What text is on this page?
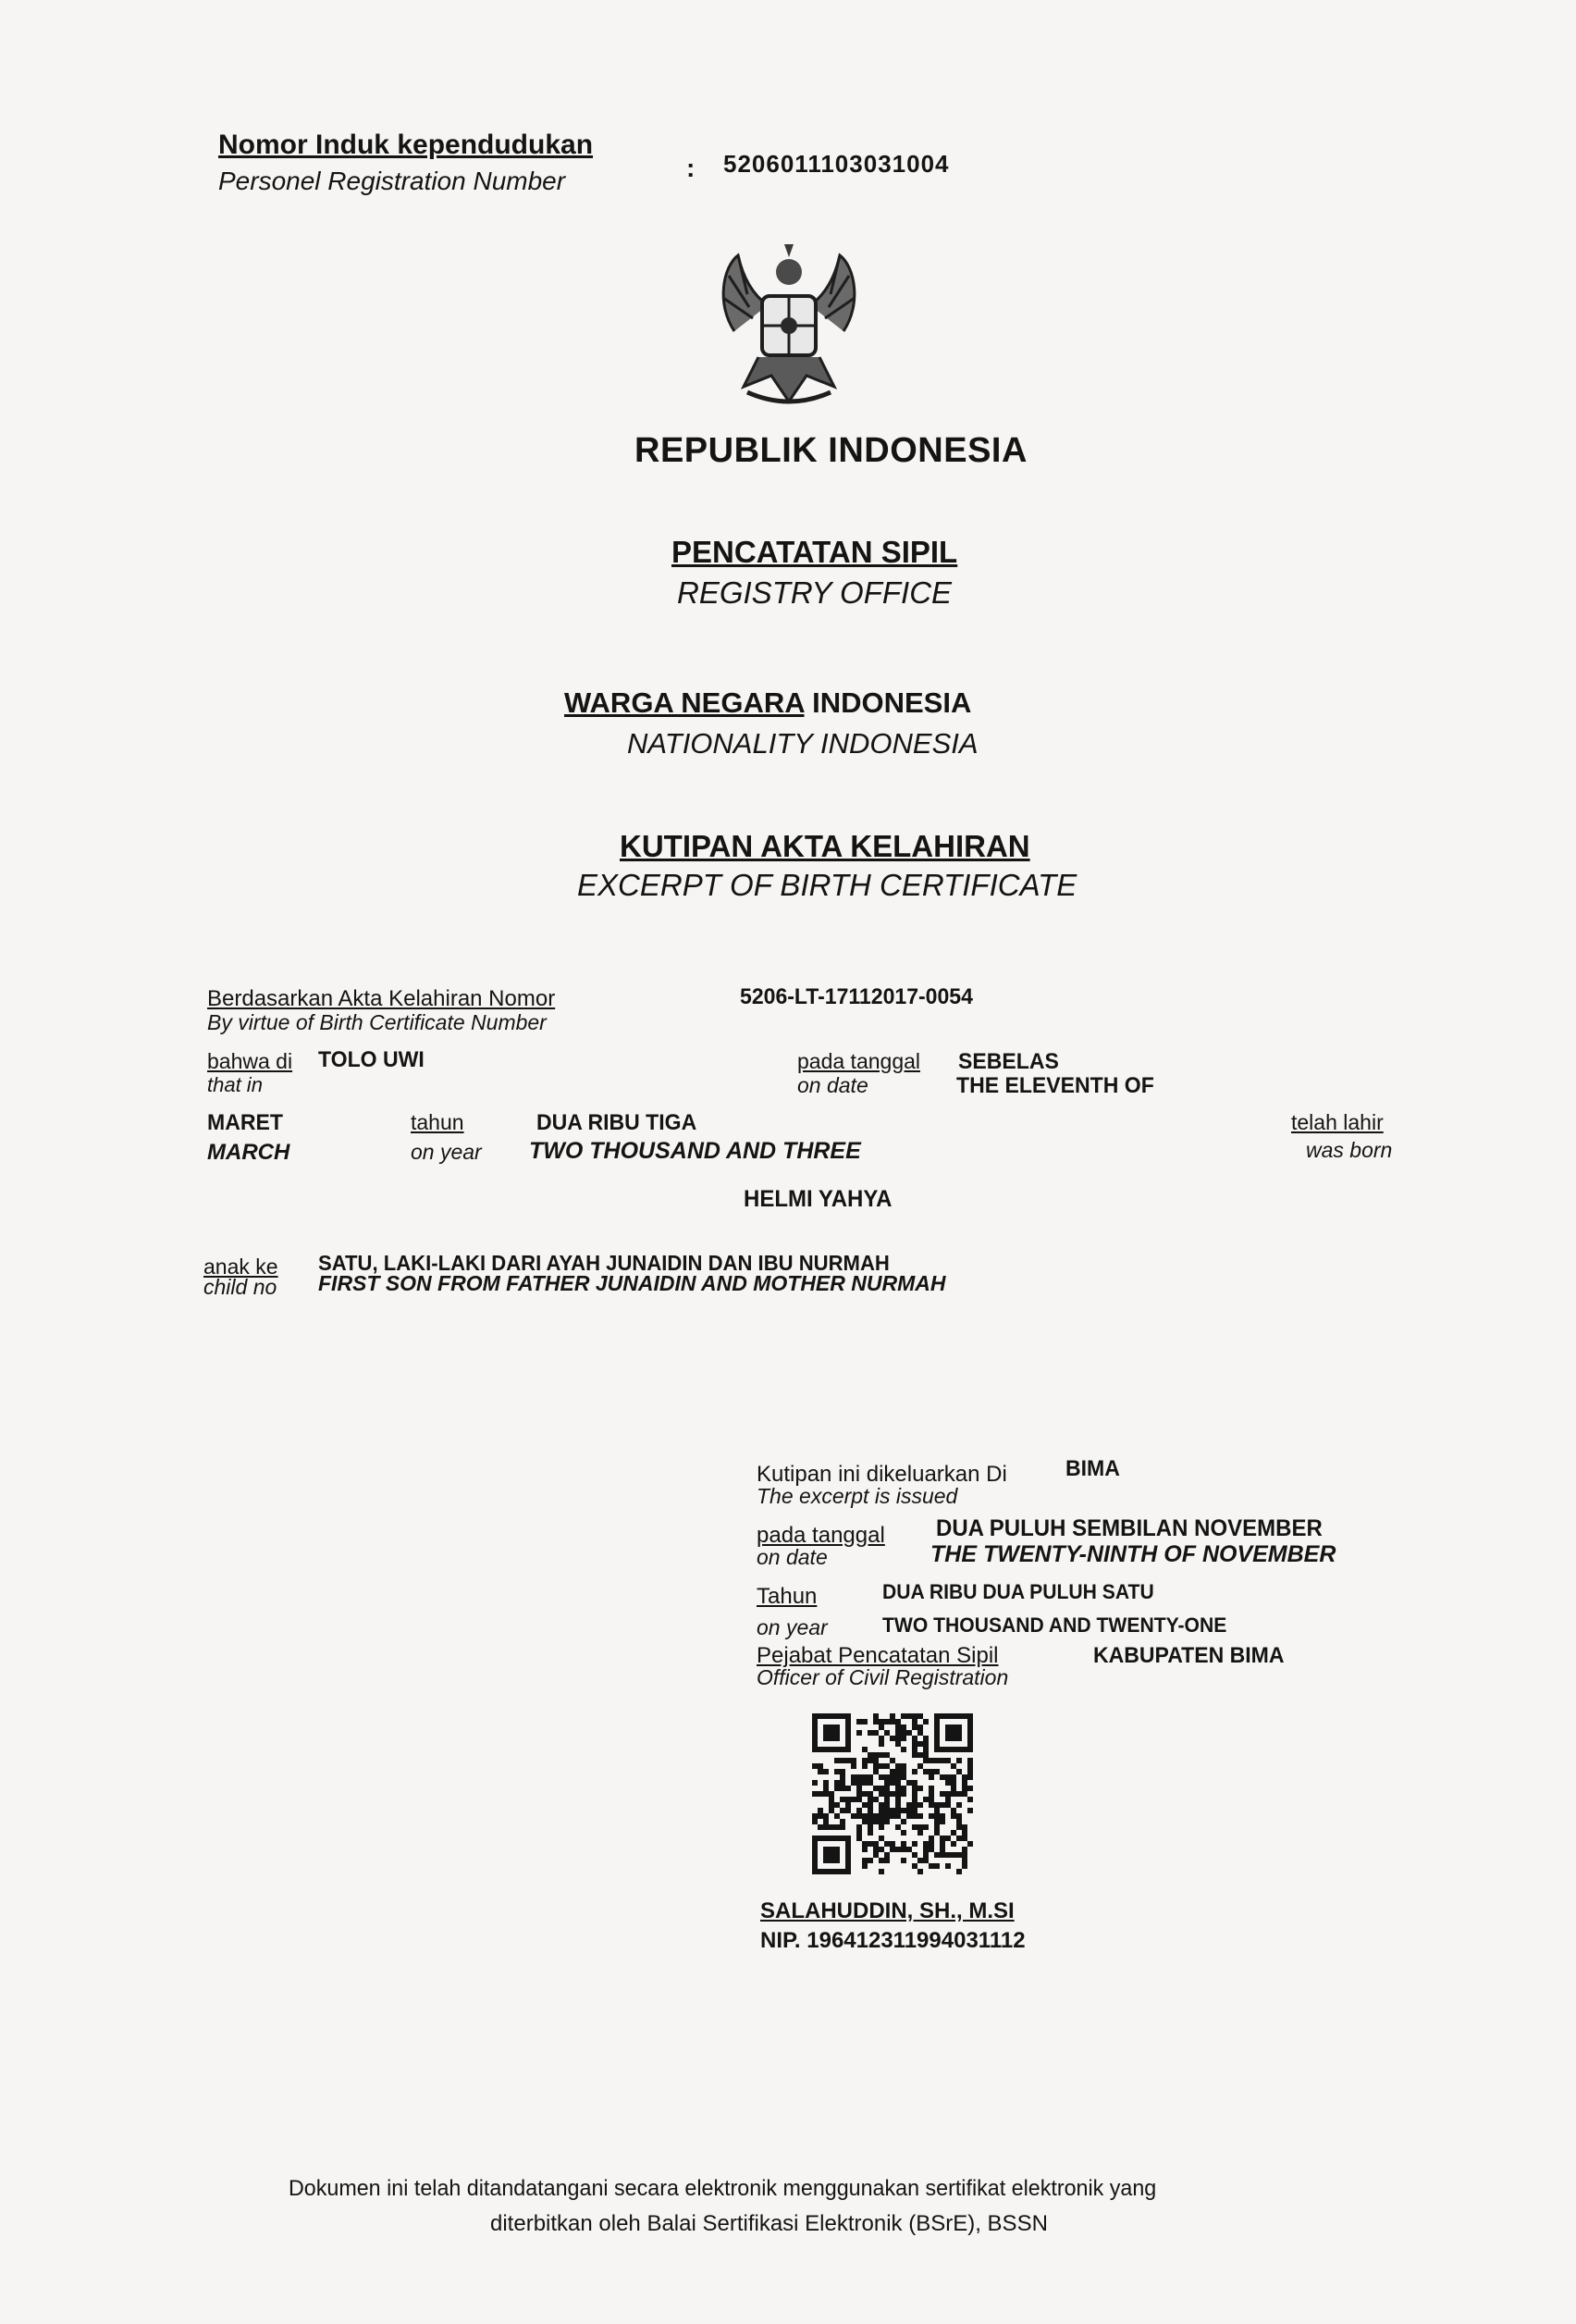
Nomor Induk kependudukan
Personel Registration Number	: 5206011103031004
REPUBLIK INDONESIA
PENCATATAN SIPIL
REGISTRY OFFICE
WARGA NEGARA INDONESIA
NATIONALITY INDONESIA
KUTIPAN AKTA KELAHIRAN
EXCERPT OF BIRTH CERTIFICATE
Berdasarkan Akta Kelahiran Nomor
By virtue of Birth Certificate Number
5206-LT-17112017-0054
bahwa di
that in
TOLO UWI	pada tanggal
on date
SEBELAS
THE ELEVENTH OF
MARET
MARCH
tahun
on year
DUA RIBU TIGA
TWO THOUSAND AND THREE
telah lahir
was born
HELMI YAHYA
anak ke
child no
SATU, LAKI-LAKI DARI AYAH JUNAIDIN DAN IBU NURMAH
FIRST SON FROM FATHER JUNAIDIN AND MOTHER NURMAH
Kutipan ini dikeluarkan Di
The excerpt is issued
BIMA
pada tanggal
on date
DUA PULUH SEMBILAN NOVEMBER
THE TWENTY-NINTH OF NOVEMBER
Tahun
on year
DUA RIBU DUA PULUH SATU
TWO THOUSAND AND TWENTY-ONE
Pejabat Pencatatan Sipil
Officer of Civil Registration
KABUPATEN BIMA
SALAHUDDIN, SH., M.SI
NIP. 196412311994031112
Dokumen ini telah ditandatangani secara elektronik menggunakan sertifikat elektronik yang
diterbitkan oleh Balai Sertifikasi Elektronik (BSrE), BSSN
